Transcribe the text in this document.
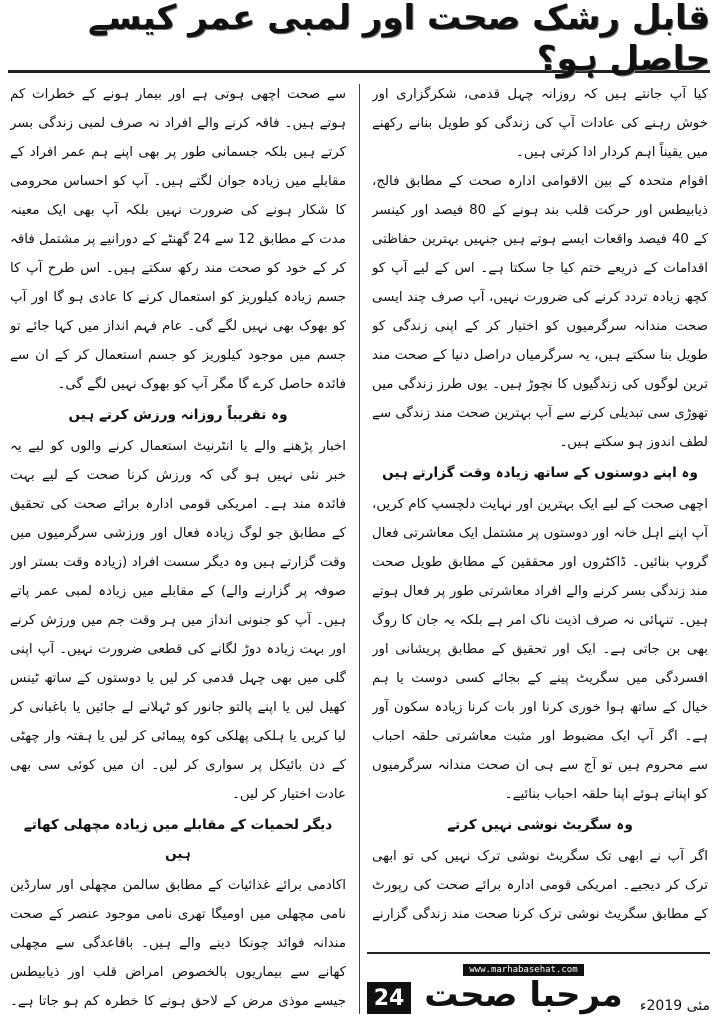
قابل رشک صحت اور لمبی عمر کیسے حاصل ہو؟

کیا آپ جانتے ہیں کہ روزانہ چہل قدمی، شکرگزاری اور خوش رہنے کی عادات آپ کی زندگی کو طویل بنانے رکھنے میں یقیناً اہم کردار ادا کرتی ہیں۔

اقوام متحدہ کے بین الاقوامی ادارہ صحت کے مطابق فالج، ذیابیطس اور حرکت قلب بند ہونے کے 80 فیصد اور کینسر کے 40 فیصد واقعات ایسے ہوتے ہیں جنہیں بہترین حفاظتی اقدامات کے ذریعے ختم کیا جا سکتا ہے۔ اس کے لیے آپ کو کچھ زیادہ تردد کرنے کی ضرورت نہیں، آپ صرف چند ایسی صحت مندانہ سرگرمیوں کو اختیار کر کے اپنی زندگی کو طویل بنا سکتے ہیں، یہ سرگرمیاں دراصل دنیا کے صحت مند ترین لوگوں کی زندگیوں کا نچوڑ ہیں۔ یوں طرز زندگی میں تھوڑی سی تبدیلی کرنے سے آپ بہترین صحت مند زندگی سے لطف اندوز ہو سکتے ہیں۔

وہ اپنے دوستوں کے ساتھ زیادہ وقت گزارتے ہیں

اچھی صحت کے لیے ایک بہترین اور نہایت دلچسپ کام کریں، آپ اپنے اہل خانہ اور دوستوں پر مشتمل ایک معاشرتی فعال گروپ بنائیں۔ ڈاکٹروں اور محققین کے مطابق طویل صحت مند زندگی بسر کرنے والے افراد معاشرتی طور پر فعال ہوتے ہیں۔ تنہائی نہ صرف اذیت ناک امر ہے بلکہ یہ جان کا روگ بھی بن جاتی ہے۔ ایک اور تحقیق کے مطابق پریشانی اور افسردگی میں سگریٹ پینے کے بجائے کسی دوست یا ہم خیال کے ساتھ ہوا خوری کرنا اور بات کرنا زیادہ سکون آور ہے۔ اگر آپ ایک مضبوط اور مثبت معاشرتی حلقہ احباب سے محروم ہیں تو آج سے ہی ان صحت مندانہ سرگرمیوں کو اپناتے ہوئے اپنا حلقہ احباب بنائیے۔

وہ سگریٹ نوشی نہیں کرتے

اگر آپ نے ابھی تک سگریٹ نوشی ترک نہیں کی تو ابھی ترک کر دیجیے۔ امریکی قومی ادارہ برائے صحت کی رپورٹ کے مطابق سگریٹ نوشی ترک کرنا صحت مند زندگی گزارنے

سے صحت اچھی ہوتی ہے اور بیمار ہونے کے خطرات کم ہوتے ہیں۔ فاقہ کرنے والے افراد نہ صرف لمبی زندگی بسر کرتے ہیں بلکہ جسمانی طور پر بھی اپنے ہم عمر افراد کے مقابلے میں زیادہ جوان لگتے ہیں۔ آپ کو احساس محرومی کا شکار ہونے کی ضرورت نہیں بلکہ آپ بھی ایک معینہ مدت کے مطابق 12 سے 24 گھنٹے کے دورانیے پر مشتمل فاقہ کر کے خود کو صحت مند رکھ سکتے ہیں۔ اس طرح آپ کا جسم زیادہ کیلوریز کو استعمال کرنے کا عادی ہو گا اور آپ کو بھوک بھی نہیں لگے گی۔ عام فہم انداز میں کہا جائے تو جسم میں موجود کیلوریز کو جسم استعمال کر کے ان سے فائدہ حاصل کرے گا مگر آپ کو بھوک نہیں لگے گی۔

وہ تقریباً روزانہ ورزش کرتے ہیں

اخبار پڑھنے والے یا انٹرنیٹ استعمال کرنے والوں کو لیے یہ خبر نئی نہیں ہو گی کہ ورزش کرنا صحت کے لیے بہت فائدہ مند ہے۔ امریکی قومی ادارہ برائے صحت کی تحقیق کے مطابق جو لوگ زیادہ فعال اور ورزشی سرگرمیوں میں وقت گزارتے ہیں وہ دیگر سست افراد (زیادہ وقت بستر اور صوفہ پر گزارنے والے) کے مقابلے میں زیادہ لمبی عمر پاتے ہیں۔ آپ کو جنونی انداز میں ہر وقت جم میں ورزش کرنے اور بہت زیادہ دوڑ لگانے کی قطعی ضرورت نہیں۔ آپ اپنی گلی میں بھی چہل قدمی کر لیں یا دوستوں کے ساتھ ٹینس کھیل لیں یا اپنے پالتو جانور کو ٹہلانے لے جائیں یا باغبانی کر لیا کریں یا ہلکی پھلکی کوہ پیمائی کر لیں یا ہفتہ وار چھٹی کے دن بائیکل پر سواری کر لیں۔ ان میں کوئی سی بھی عادت اختیار کر لیں۔

دیگر لحمیات کے مقابلے میں زیادہ مچھلی کھاتے ہیں

اکادمی برائے غذائیات کے مطابق سالمن مچھلی اور سارڈین نامی مچھلی میں اومیگا تھری نامی موجود عنصر کے صحت مندانہ فوائد چونکا دینے والے ہیں۔ باقاعدگی سے مچھلی کھانے سے بیماریوں بالخصوص امراض قلب اور ذیابیطس جیسے موذی مرض کے لاحق ہونے کا خطرہ کم ہو جاتا ہے۔	24
www.marhabasehat.com
مرحبا صحت مئی 2019ء
